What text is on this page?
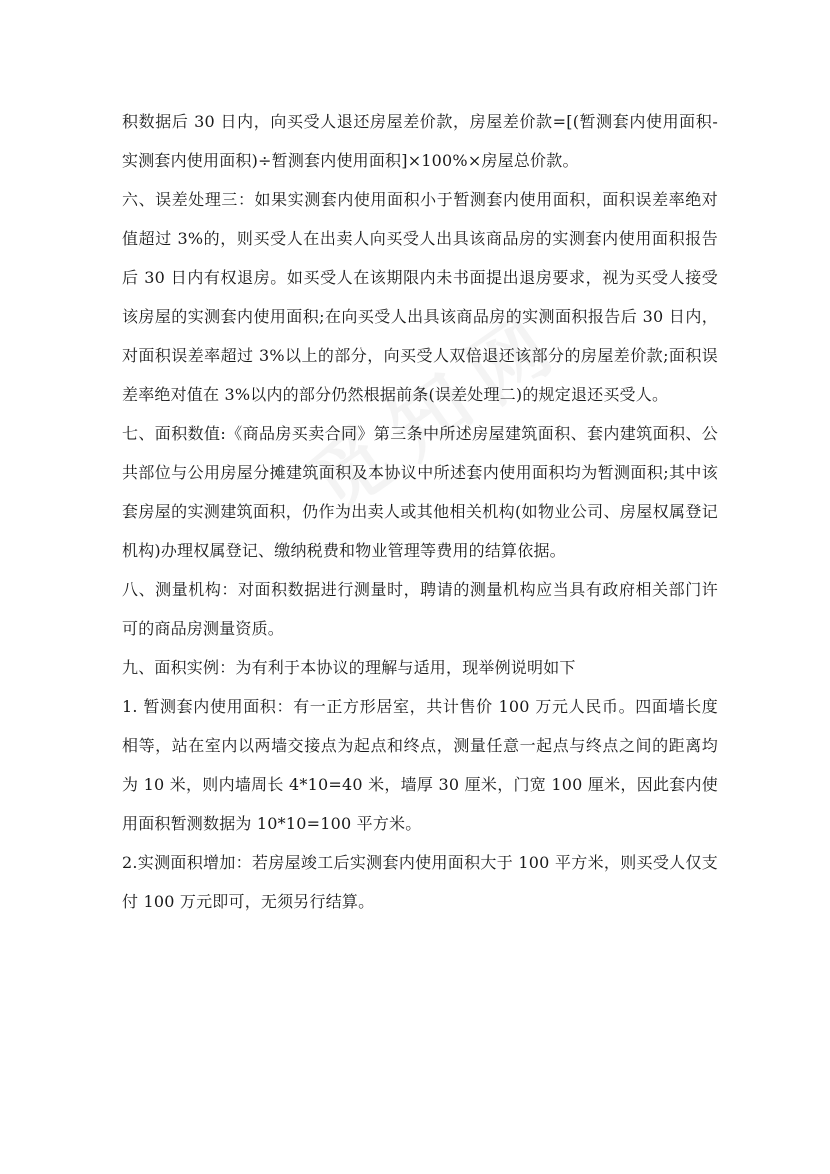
积数据后 30 日内，向买受人退还房屋差价款，房屋差价款=[(暂测套内使用面积-实测套内使用面积)÷暂测套内使用面积]×100%×房屋总价款。

六、误差处理三：如果实测套内使用面积小于暂测套内使用面积，面积误差率绝对值超过 3%的，则买受人在出卖人向买受人出具该商品房的实测套内使用面积报告后 30 日内有权退房。如买受人在该期限内未书面提出退房要求，视为买受人接受该房屋的实测套内使用面积;在向买受人出具该商品房的实测面积报告后 30 日内，对面积误差率超过 3%以上的部分，向买受人双倍退还该部分的房屋差价款;面积误差率绝对值在 3%以内的部分仍然根据前条(误差处理二)的规定退还买受人。

七、面积数值:《商品房买卖合同》第三条中所述房屋建筑面积、套内建筑面积、公共部位与公用房屋分摊建筑面积及本协议中所述套内使用面积均为暂测面积;其中该套房屋的实测建筑面积，仍作为出卖人或其他相关机构(如物业公司、房屋权属登记机构)办理权属登记、缴纳税费和物业管理等费用的结算依据。

八、测量机构：对面积数据进行测量时，聘请的测量机构应当具有政府相关部门许可的商品房测量资质。

九、面积实例：为有利于本协议的理解与适用，现举例说明如下

1. 暂测套内使用面积：有一正方形居室，共计售价 100 万元人民币。四面墙长度相等，站在室内以两墙交接点为起点和终点，测量任意一起点与终点之间的距离均为 10 米，则内墙周长 4*10=40 米，墙厚 30 厘米，门宽 100 厘米，因此套内使用面积暂测数据为 10*10=100 平方米。

2.实测面积增加：若房屋竣工后实测套内使用面积大于 100 平方米，则买受人仅支付 100 万元即可，无须另行结算。
